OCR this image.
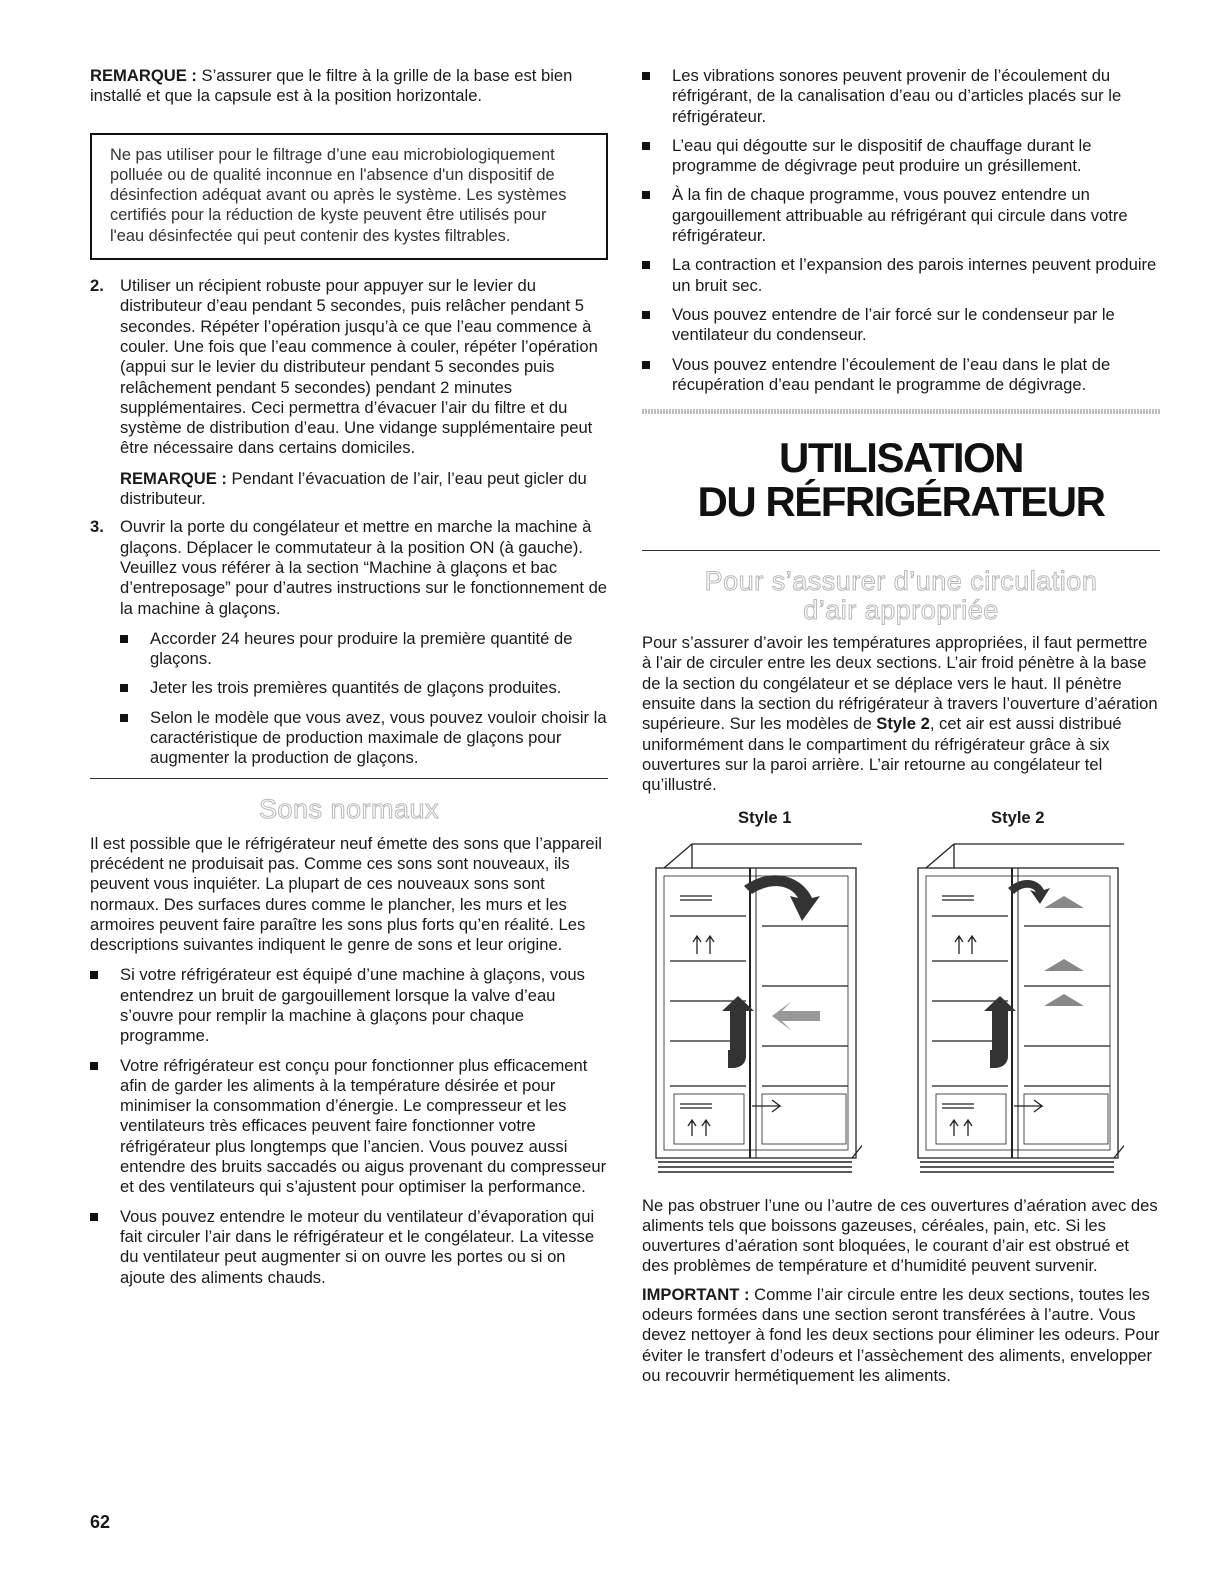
REMARQUE : S’assurer que le filtre à la grille de la base est bien installé et que la capsule est à la position horizontale.

Ne pas utiliser pour le filtrage d’une eau microbiologiquement polluée ou de qualité inconnue en l'absence d'un dispositif de désinfection adéquat avant ou après le système. Les systèmes certifiés pour la réduction de kyste peuvent être utilisés pour l'eau désinfectée qui peut contenir des kystes filtrables.

2. Utiliser un récipient robuste pour appuyer sur le levier du distributeur d’eau pendant 5 secondes, puis relâcher pendant 5 secondes. Répéter l’opération jusqu’à ce que l’eau commence à couler. Une fois que l’eau commence à couler, répéter l’opération (appui sur le levier du distributeur pendant 5 secondes puis relâchement pendant 5 secondes) pendant 2 minutes supplémentaires. Ceci permettra d’évacuer l’air du filtre et du système de distribution d’eau. Une vidange supplémentaire peut être nécessaire dans certains domiciles.

REMARQUE : Pendant l’évacuation de l’air, l’eau peut gicler du distributeur.

3. Ouvrir la porte du congélateur et mettre en marche la machine à glaçons. Déplacer le commutateur à la position ON (à gauche). Veuillez vous référer à la section “Machine à glaçons et bac d’entreposage” pour d’autres instructions sur le fonctionnement de la machine à glaçons.

Accorder 24 heures pour produire la première quantité de glaçons.

Jeter les trois premières quantités de glaçons produites.

Selon le modèle que vous avez, vous pouvez vouloir choisir la caractéristique de production maximale de glaçons pour augmenter la production de glaçons.

Sons normaux

Il est possible que le réfrigérateur neuf émette des sons que l’appareil précédent ne produisait pas. Comme ces sons sont nouveaux, ils peuvent vous inquiéter. La plupart de ces nouveaux sons sont normaux. Des surfaces dures comme le plancher, les murs et les armoires peuvent faire paraître les sons plus forts qu’en réalité. Les descriptions suivantes indiquent le genre de sons et leur origine.

Si votre réfrigérateur est équipé d’une machine à glaçons, vous entendrez un bruit de gargouillement lorsque la valve d’eau s’ouvre pour remplir la machine à glaçons pour chaque programme.

Votre réfrigérateur est conçu pour fonctionner plus efficacement afin de garder les aliments à la température désirée et pour minimiser la consommation d’énergie. Le compresseur et les ventilateurs très efficaces peuvent faire fonctionner votre réfrigérateur plus longtemps que l’ancien. Vous pouvez aussi entendre des bruits saccadés ou aigus provenant du compresseur et des ventilateurs qui s’ajustent pour optimiser la performance.

Vous pouvez entendre le moteur du ventilateur d’évaporation qui fait circuler l’air dans le réfrigérateur et le congélateur. La vitesse du ventilateur peut augmenter si on ouvre les portes ou si on ajoute des aliments chauds.

Les vibrations sonores peuvent provenir de l’écoulement du réfrigérant, de la canalisation d’eau ou d’articles placés sur le réfrigérateur.

L’eau qui dégoutte sur le dispositif de chauffage durant le programme de dégivrage peut produire un grésillement.

À la fin de chaque programme, vous pouvez entendre un gargouillement attribuable au réfrigérant qui circule dans votre réfrigérateur.

La contraction et l’expansion des parois internes peuvent produire un bruit sec.

Vous pouvez entendre de l’air forcé sur le condenseur par le ventilateur du condenseur.

Vous pouvez entendre l’écoulement de l’eau dans le plat de récupération d’eau pendant le programme de dégivrage.

UTILISATION
DU RÉFRIGÉRATEUR
Pour s’assurer d’une circulation
d’air appropriée

Pour s’assurer d’avoir les températures appropriées, il faut permettre à l’air de circuler entre les deux sections. L’air froid pénètre à la base de la section du congélateur et se déplace vers le haut. Il pénètre ensuite dans la section du réfrigérateur à travers l’ouverture d’aération supérieure. Sur les modèles de Style 2, cet air est aussi distribué uniformément dans le compartiment du réfrigérateur grâce à six ouvertures sur la paroi arrière. L’air retourne au congélateur tel qu’illustré.

Style 1	Style 2

Ne pas obstruer l’une ou l’autre de ces ouvertures d’aération avec des aliments tels que boissons gazeuses, céréales, pain, etc. Si les ouvertures d’aération sont bloquées, le courant d’air est obstrué et des problèmes de température et d’humidité peuvent survenir.

IMPORTANT : Comme l’air circule entre les deux sections, toutes les odeurs formées dans une section seront transférées à l’autre. Vous devez nettoyer à fond les deux sections pour éliminer les odeurs. Pour éviter le transfert d’odeurs et l’assèchement des aliments, envelopper ou recouvrir hermétiquement les aliments.

62
